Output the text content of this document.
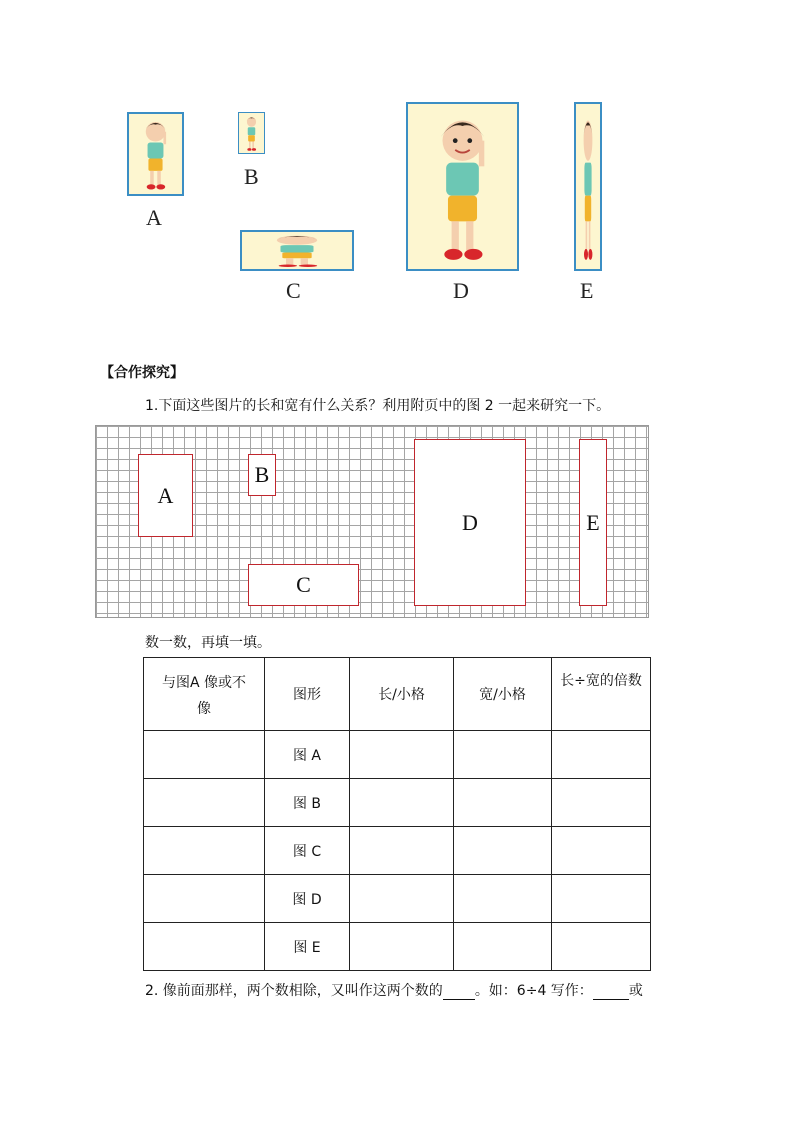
A
B
C	D	E
【合作探究】
1.下面这些图片的长和宽有什么关系？利用附页中的图 2 一起来研究一下。
A
B
C
D	E
数一数，再填一填。
与图A 像或不
像	图形	长/小格	宽/小格	长÷宽的倍数
	图 A			
	图 B			
	图 C			
	图 D			
	图 E			
2. 像前面那样，两个数相除，又叫作这两个数的 。如：6÷4 写作：	或
